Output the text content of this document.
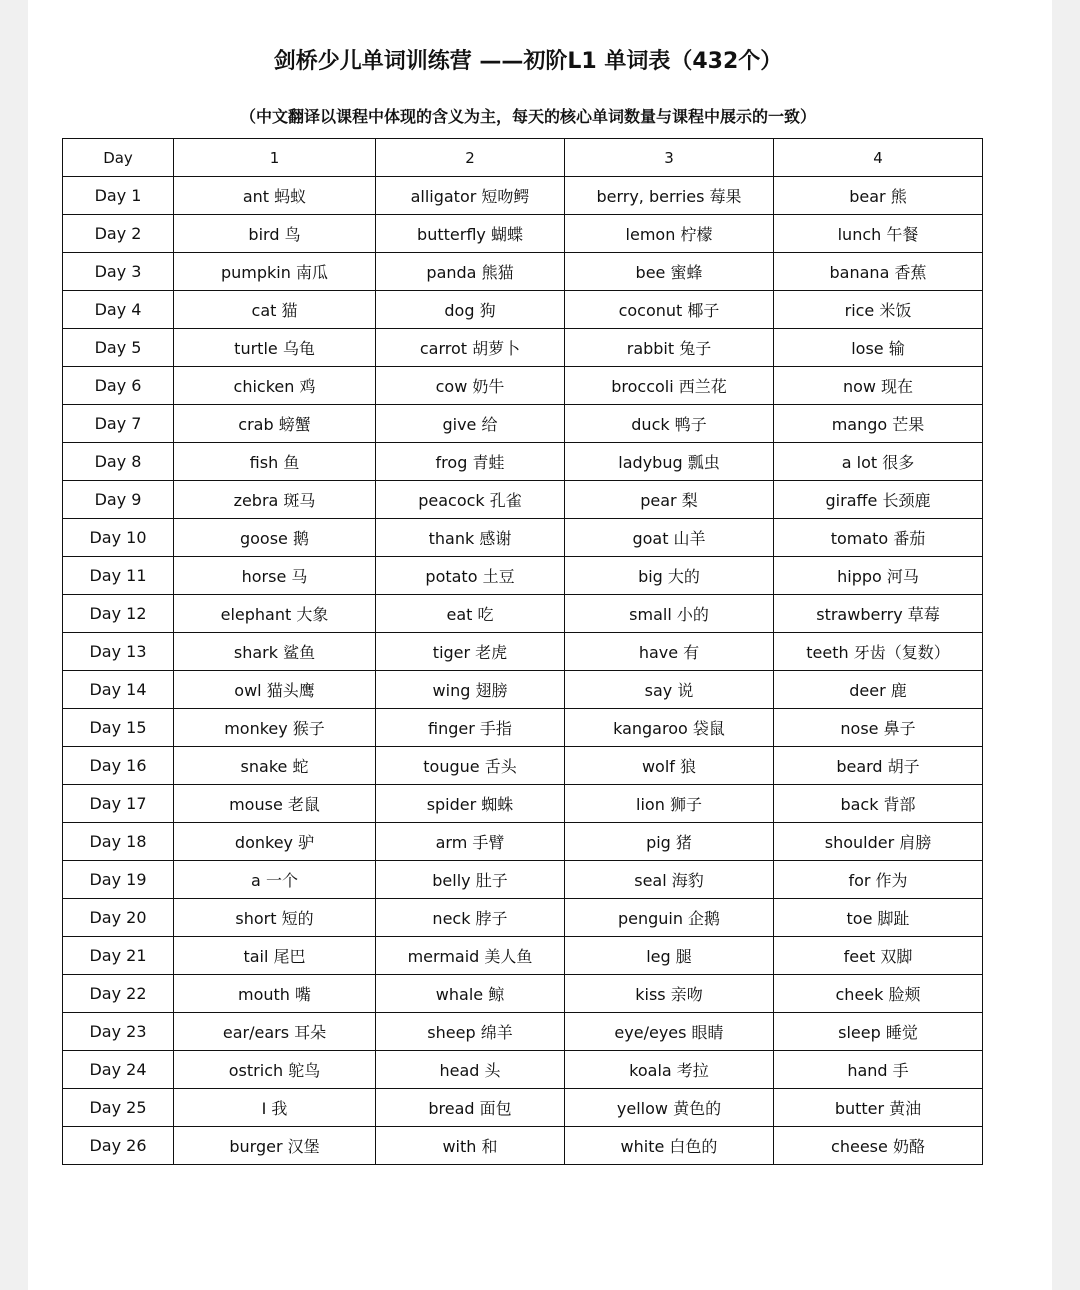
剑桥少儿单词训练营 ——初阶L1 单词表（432个）
（中文翻译以课程中体现的含义为主，每天的核心单词数量与课程中展示的一致）
Day	1	2	3	4
Day 1	ant 蚂蚁	alligator 短吻鳄	berry, berries 莓果	bear 熊
Day 2	bird 鸟	butterfly 蝴蝶	lemon 柠檬	lunch 午餐
Day 3	pumpkin 南瓜	panda 熊猫	bee 蜜蜂	banana 香蕉
Day 4	cat 猫	dog 狗	coconut 椰子	rice 米饭
Day 5	turtle 乌龟	carrot 胡萝卜	rabbit 兔子	lose 输
Day 6	chicken 鸡	cow 奶牛	broccoli 西兰花	now 现在
Day 7	crab 螃蟹	give 给	duck 鸭子	mango 芒果
Day 8	fish 鱼	frog 青蛙	ladybug 瓢虫	a lot 很多
Day 9	zebra 斑马	peacock 孔雀	pear 梨	giraffe 长颈鹿
Day 10	goose 鹅	thank 感谢	goat 山羊	tomato 番茄
Day 11	horse 马	potato 土豆	big 大的	hippo 河马
Day 12	elephant 大象	eat 吃	small 小的	strawberry 草莓
Day 13	shark 鲨鱼	tiger 老虎	have 有	teeth 牙齿（复数）
Day 14	owl 猫头鹰	wing 翅膀	say 说	deer 鹿
Day 15	monkey 猴子	finger 手指	kangaroo 袋鼠	nose 鼻子
Day 16	snake 蛇	tougue 舌头	wolf 狼	beard 胡子
Day 17	mouse 老鼠	spider 蜘蛛	lion 狮子	back 背部
Day 18	donkey 驴	arm 手臂	pig 猪	shoulder 肩膀
Day 19	a 一个	belly 肚子	seal 海豹	for 作为
Day 20	short 短的	neck 脖子	penguin 企鹅	toe 脚趾
Day 21	tail 尾巴	mermaid 美人鱼	leg 腿	feet 双脚
Day 22	mouth 嘴	whale 鲸	kiss 亲吻	cheek 脸颊
Day 23	ear/ears 耳朵	sheep 绵羊	eye/eyes 眼睛	sleep 睡觉
Day 24	ostrich 鸵鸟	head 头	koala 考拉	hand 手
Day 25	I 我	bread 面包	yellow 黄色的	butter 黄油
Day 26	burger 汉堡	with 和	white 白色的	cheese 奶酪
